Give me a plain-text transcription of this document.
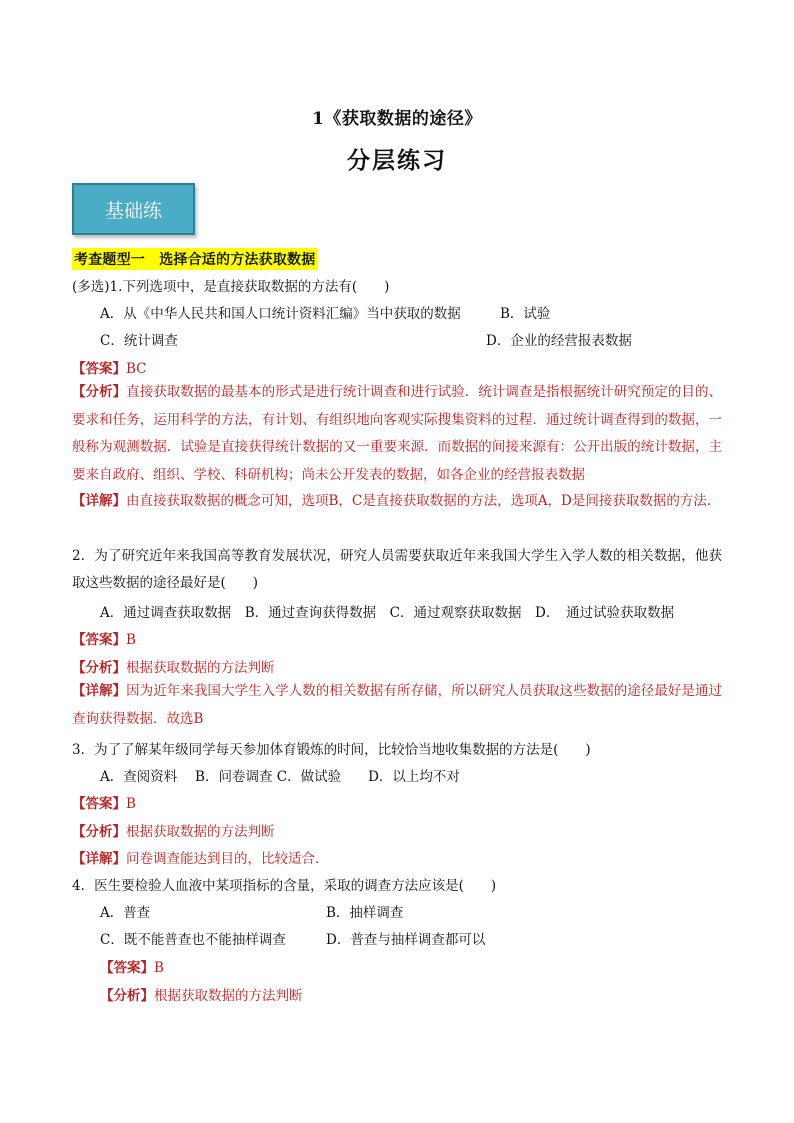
1《获取数据的途径》
分层练习
基础练
考查题型一　选择合适的方法获取数据
(多选)1.下列选项中，是直接获取数据的方法有(　　)
A．从《中华人民共和国人口统计资料汇编》当中获取的数据	B．试验
C．统计调查	D．企业的经营报表数据
【答案】BC
【分析】直接获取数据的最基本的形式是进行统计调查和进行试验．统计调查是指根据统计研究预定的目的、要求和任务，运用科学的方法，有计划、有组织地向客观实际搜集资料的过程．通过统计调查得到的数据，一般称为观测数据．试验是直接获得统计数据的又一重要来源．而数据的间接来源有：公开出版的统计数据，主要来自政府、组织、学校、科研机构；尚未公开发表的数据，如各企业的经营报表数据
【详解】由直接获取数据的概念可知，选项B，C是直接获取数据的方法，选项A，D是间接获取数据的方法．
2．为了研究近年来我国高等教育发展状况，研究人员需要获取近年来我国大学生入学人数的相关数据，他获取这些数据的途径最好是(　　)
A．通过调查获取数据　B．通过查询获得数据　C．通过观察获取数据　D．　通过试验获取数据
【答案】B
【分析】根据获取数据的方法判断
【详解】因为近年来我国大学生入学人数的相关数据有所存储，所以研究人员获取这些数据的途径最好是通过查询获得数据．故选B
3．为了了解某年级同学每天参加体育锻炼的时间，比较恰当地收集数据的方法是(　　)
A．查阅资料　 B．问卷调查 C．做试验　　D．以上均不对
【答案】B
【分析】根据获取数据的方法判断
【详解】问卷调查能达到目的，比较适合．
4．医生要检验人血液中某项指标的含量，采取的调查方法应该是(　　)
A．普查	B．抽样调查
C．既不能普查也不能抽样调查	D．普查与抽样调查都可以
【答案】B
【分析】根据获取数据的方法判断
